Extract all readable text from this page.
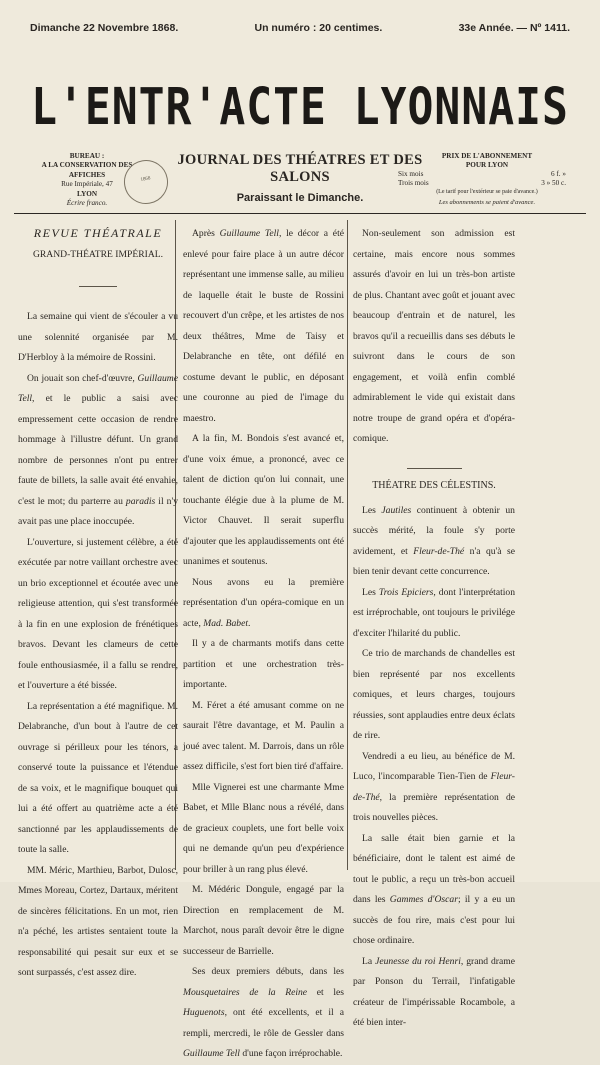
Dimanche 22 Novembre 1868.	Un numéro : 20 centimes.	33e Année. — Nº 1411.
L'ENTR'ACTE LYONNAIS
BUREAU :
A LA CONSERVATION DES AFFICHES
Rue Impériale, 47
LYON
Écrire franco.
1868
JOURNAL DES THÉATRES ET DES SALONS
Paraissant le Dimanche.
PRIX DE L'ABONNEMENT
POUR LYON
Six mois	6 f. »
Trois mois	3 » 50 c.
(Le tarif pour l'extérieur se paie d'avance.)
Les abonnements se paient d'avance.
REVUE THÉATRALE
GRAND-THÉATRE IMPÉRIAL.

La semaine qui vient de s'écouler a vu une solennité organisée par M. D'Herbloy à la mémoire de Rossini.

On jouait son chef-d'œuvre, Guillaume Tell, et le public a saisi avec empressement cette occasion de rendre hommage à l'illustre défunt. Un grand nombre de personnes n'ont pu entrer faute de billets, la salle avait été envahie, c'est le mot; du parterre au paradis il n'y avait pas une place inoccupée.

L'ouverture, si justement célèbre, a été exécutée par notre vaillant orchestre avec un brio exceptionnel et écoutée avec une religieuse attention, qui s'est transformée à la fin en une explosion de frénétiques bravos. Devant les clameurs de cette foule enthousiasmée, il a fallu se rendre, et l'ouverture a été bissée.

La représentation a été magnifique. M. Delabranche, d'un bout à l'autre de cet ouvrage si périlleux pour les ténors, a conservé toute la puissance et l'étendue de sa voix, et le magnifique bouquet qui lui a été offert au quatrième acte a été sanctionné par les applaudissements de toute la salle.

MM. Méric, Marthieu, Barbot, Dulosc, Mmes Moreau, Cortez, Dartaux, méritent de sincères félicitations. En un mot, rien n'a péché, les artistes sentaient toute la responsabilité qui pesait sur eux et se sont surpassés, c'est assez dire.

Après Guillaume Tell, le décor a été enlevé pour faire place à un autre décor représentant une immense salle, au milieu de laquelle était le buste de Rossini recouvert d'un crêpe, et les artistes de nos deux théâtres, Mme de Taisy et Delabranche en tête, ont défilé en costume devant le public, en déposant une couronne au pied de l'image du maestro.

A la fin, M. Bondois s'est avancé et, d'une voix émue, a prononcé, avec ce talent de diction qu'on lui connait, une touchante élégie due à la plume de M. Victor Chauvet. Il serait superflu d'ajouter que les applaudissements ont été unanimes et soutenus.

Nous avons eu la première représentation d'un opéra-comique en un acte, Mad. Babet.

Il y a de charmants motifs dans cette partition et une orchestration très-importante.

M. Féret a été amusant comme on ne saurait l'être davantage, et M. Paulin a joué avec talent. M. Darrois, dans un rôle assez difficile, s'est fort bien tiré d'affaire.

Mlle Vignerei est une charmante Mme Babet, et Mlle Blanc nous a révélé, dans de gracieux couplets, une fort belle voix qui ne demande qu'un peu d'expérience pour briller à un rang plus élevé.

M. Médéric Dongule, engagé par la Direction en remplacement de M. Marchot, nous paraît devoir être le digne successeur de Barrielle.

Ses deux premiers débuts, dans les Mousquetaires de la Reine et les Huguenots, ont été excellents, et il a rempli, mercredi, le rôle de Gessler dans Guillaume Tell d'une façon irréprochable.

Non-seulement son admission est certaine, mais encore nous sommes assurés d'avoir en lui un très-bon artiste de plus. Chantant avec goût et jouant avec beaucoup d'entrain et de naturel, les bravos qu'il a recueillis dans ses débuts le suivront dans le cours de son engagement, et voilà enfin comblé admirablement le vide qui existait dans notre troupe de grand opéra et d'opéra-comique.

THÉATRE DES CÉLESTINS.

Les Jautiles continuent à obtenir un succès mérité, la foule s'y porte avidement, et Fleur-de-Thé n'a qu'à se bien tenir devant cette concurrence.

Les Trois Epiciers, dont l'interprétation est irréprochable, ont toujours le privilége d'exciter l'hilarité du public.

Ce trio de marchands de chandelles est bien représenté par nos excellents comiques, et leurs charges, toujours réussies, sont applaudies entre deux éclats de rire.

Vendredi a eu lieu, au bénéfice de M. Luco, l'incomparable Tien-Tien de Fleur-de-Thé, la première représentation de trois nouvelles pièces.

La salle était bien garnie et la bénéficiaire, dont le talent est aimé de tout le public, a reçu un très-bon accueil dans les Gammes d'Oscar; il y a eu un succès de fou rire, mais c'est pour lui chose ordinaire.

La Jeunesse du roi Henri, grand drame par Ponson du Terrail, l'infatigable créateur de l'impérissable Rocambole, a été bien inter-
